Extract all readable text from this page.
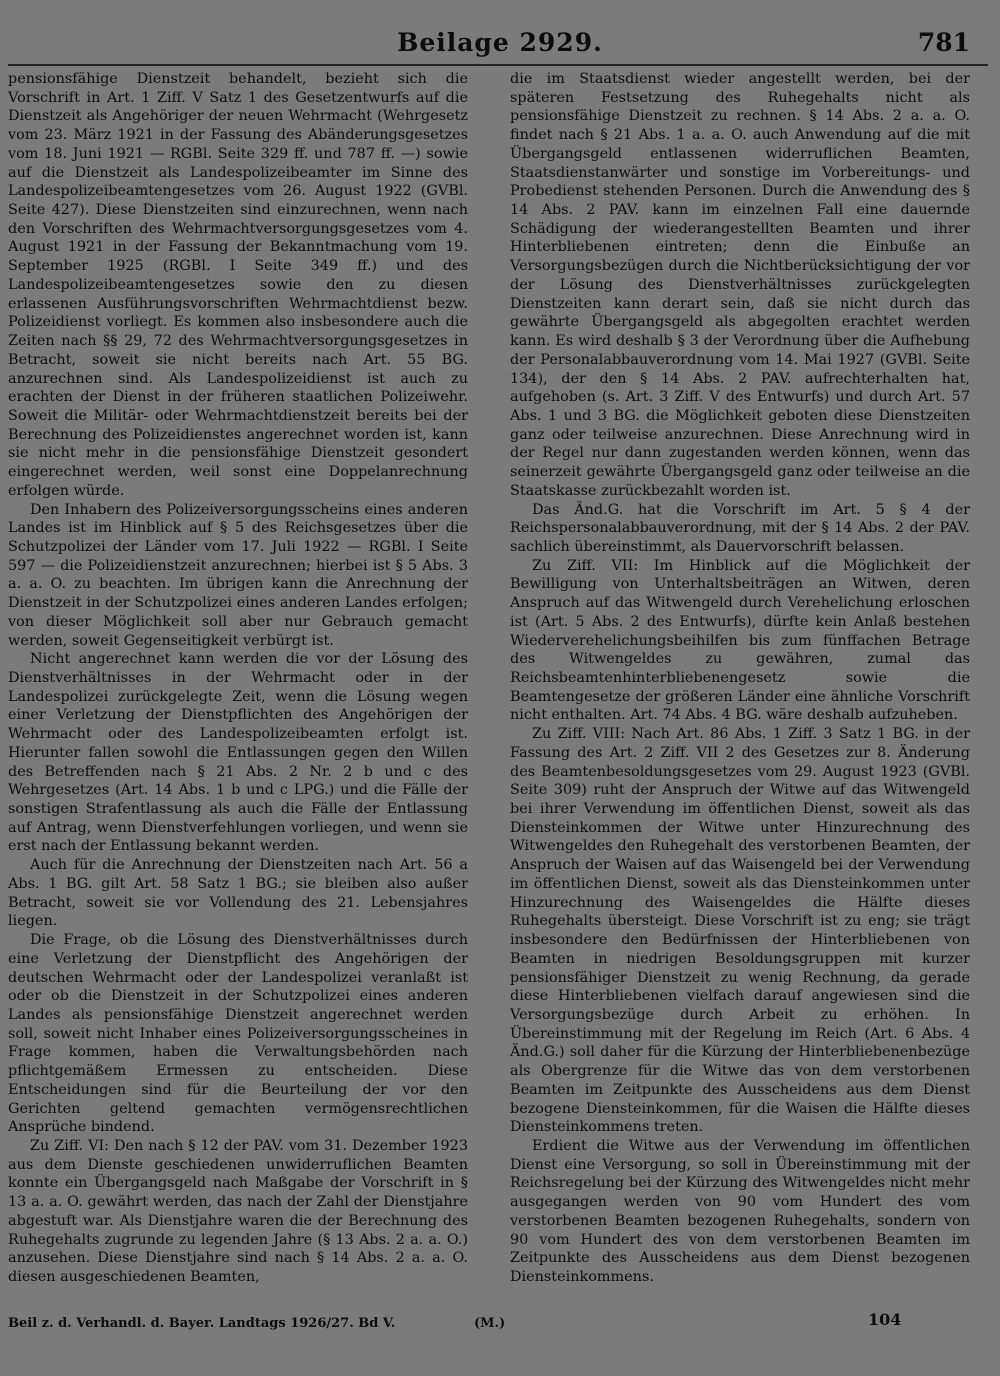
Beilage 2929.	781

pensionsfähige Dienstzeit behandelt, bezieht sich die Vorschrift in Art. 1 Ziff. V Satz 1 des Gesetzentwurfs auf die Dienstzeit als Angehöriger der neuen Wehrmacht (Wehrgesetz vom 23. März 1921 in der Fassung des Abänderungsgesetzes vom 18. Juni 1921 — RGBl. Seite 329 ff. und 787 ff. —) sowie auf die Dienstzeit als Landespolizeibeamter im Sinne des Landespolizeibeamtengesetzes vom 26. August 1922 (GVBl. Seite 427). Diese Dienstzeiten sind einzurechnen, wenn nach den Vorschriften des Wehrmachtversorgungsgesetzes vom 4. August 1921 in der Fassung der Bekanntmachung vom 19. September 1925 (RGBl. I Seite 349 ff.) und des Landespolizeibeamtengesetzes sowie den zu diesen erlassenen Ausführungsvorschriften Wehrmachtdienst bezw. Polizeidienst vorliegt. Es kommen also insbesondere auch die Zeiten nach §§ 29, 72 des Wehrmachtversorgungsgesetzes in Betracht, soweit sie nicht bereits nach Art. 55 BG. anzurechnen sind. Als Landespolizeidienst ist auch zu erachten der Dienst in der früheren staatlichen Polizeiwehr. Soweit die Militär- oder Wehrmachtdienstzeit bereits bei der Berechnung des Polizeidienstes angerechnet worden ist, kann sie nicht mehr in die pensionsfähige Dienstzeit gesondert eingerechnet werden, weil sonst eine Doppelanrechnung erfolgen würde.

Den Inhabern des Polizeiversorgungsscheins eines anderen Landes ist im Hinblick auf § 5 des Reichsgesetzes über die Schutzpolizei der Länder vom 17. Juli 1922 — RGBl. I Seite 597 — die Polizeidienstzeit anzurechnen; hierbei ist § 5 Abs. 3 a. a. O. zu beachten. Im übrigen kann die Anrechnung der Dienstzeit in der Schutzpolizei eines anderen Landes erfolgen; von dieser Möglichkeit soll aber nur Gebrauch gemacht werden, soweit Gegenseitigkeit verbürgt ist.

Nicht angerechnet kann werden die vor der Lösung des Dienstverhältnisses in der Wehrmacht oder in der Landespolizei zurückgelegte Zeit, wenn die Lösung wegen einer Verletzung der Dienstpflichten des Angehörigen der Wehrmacht oder des Landespolizeibeamten erfolgt ist. Hierunter fallen sowohl die Entlassungen gegen den Willen des Betreffenden nach § 21 Abs. 2 Nr. 2 b und c des Wehrgesetzes (Art. 14 Abs. 1 b und c LPG.) und die Fälle der sonstigen Strafentlassung als auch die Fälle der Entlassung auf Antrag, wenn Dienstverfehlungen vorliegen, und wenn sie erst nach der Entlassung bekannt werden.

Auch für die Anrechnung der Dienstzeiten nach Art. 56 a Abs. 1 BG. gilt Art. 58 Satz 1 BG.; sie bleiben also außer Betracht, soweit sie vor Vollendung des 21. Lebensjahres liegen.

Die Frage, ob die Lösung des Dienstverhältnisses durch eine Verletzung der Dienstpflicht des Angehörigen der deutschen Wehrmacht oder der Landespolizei veranlaßt ist oder ob die Dienstzeit in der Schutzpolizei eines anderen Landes als pensionsfähige Dienstzeit angerechnet werden soll, soweit nicht Inhaber eines Polizeiversorgungsscheines in Frage kommen, haben die Verwaltungsbehörden nach pflichtgemäßem Ermessen zu entscheiden. Diese Entscheidungen sind für die Beurteilung der vor den Gerichten geltend gemachten vermögensrechtlichen Ansprüche bindend.

Zu Ziff. VI: Den nach § 12 der PAV. vom 31. Dezember 1923 aus dem Dienste geschiedenen unwiderruflichen Beamten konnte ein Übergangsgeld nach Maßgabe der Vorschrift in § 13 a. a. O. gewährt werden, das nach der Zahl der Dienstjahre abgestuft war. Als Dienstjahre waren die der Berechnung des Ruhegehalts zugrunde zu legenden Jahre (§ 13 Abs. 2 a. a. O.) anzusehen. Diese Dienstjahre sind nach § 14 Abs. 2 a. a. O. diesen ausgeschiedenen Beamten,

die im Staatsdienst wieder angestellt werden, bei der späteren Festsetzung des Ruhegehalts nicht als pensionsfähige Dienstzeit zu rechnen. § 14 Abs. 2 a. a. O. findet nach § 21 Abs. 1 a. a. O. auch Anwendung auf die mit Übergangsgeld entlassenen widerruflichen Beamten, Staatsdienstanwärter und sonstige im Vorbereitungs- und Probedienst stehenden Personen. Durch die Anwendung des § 14 Abs. 2 PAV. kann im einzelnen Fall eine dauernde Schädigung der wiederangestellten Beamten und ihrer Hinterbliebenen eintreten; denn die Einbuße an Versorgungsbezügen durch die Nichtberücksichtigung der vor der Lösung des Dienstverhältnisses zurückgelegten Dienstzeiten kann derart sein, daß sie nicht durch das gewährte Übergangsgeld als abgegolten erachtet werden kann. Es wird deshalb § 3 der Verordnung über die Aufhebung der Personalabbauverordnung vom 14. Mai 1927 (GVBl. Seite 134), der den § 14 Abs. 2 PAV. aufrechterhalten hat, aufgehoben (s. Art. 3 Ziff. V des Entwurfs) und durch Art. 57 Abs. 1 und 3 BG. die Möglichkeit geboten diese Dienstzeiten ganz oder teilweise anzurechnen. Diese Anrechnung wird in der Regel nur dann zugestanden werden können, wenn das seinerzeit gewährte Übergangsgeld ganz oder teilweise an die Staatskasse zurückbezahlt worden ist.

Das Änd.G. hat die Vorschrift im Art. 5 § 4 der Reichspersonalabbauverordnung, mit der § 14 Abs. 2 der PAV. sachlich übereinstimmt, als Dauervorschrift belassen.

Zu Ziff. VII: Im Hinblick auf die Möglichkeit der Bewilligung von Unterhaltsbeiträgen an Witwen, deren Anspruch auf das Witwengeld durch Verehelichung erloschen ist (Art. 5 Abs. 2 des Entwurfs), dürfte kein Anlaß bestehen Wiederverehelichungsbeihilfen bis zum fünffachen Betrage des Witwengeldes zu gewähren, zumal das Reichsbeamtenhinterbliebenengesetz sowie die Beamtengesetze der größeren Länder eine ähnliche Vorschrift nicht enthalten. Art. 74 Abs. 4 BG. wäre deshalb aufzuheben.

Zu Ziff. VIII: Nach Art. 86 Abs. 1 Ziff. 3 Satz 1 BG. in der Fassung des Art. 2 Ziff. VII 2 des Gesetzes zur 8. Änderung des Beamtenbesoldungsgesetzes vom 29. August 1923 (GVBl. Seite 309) ruht der Anspruch der Witwe auf das Witwengeld bei ihrer Verwendung im öffentlichen Dienst, soweit als das Diensteinkommen der Witwe unter Hinzurechnung des Witwengeldes den Ruhegehalt des verstorbenen Beamten, der Anspruch der Waisen auf das Waisengeld bei der Verwendung im öffentlichen Dienst, soweit als das Diensteinkommen unter Hinzurechnung des Waisengeldes die Hälfte dieses Ruhegehalts übersteigt. Diese Vorschrift ist zu eng; sie trägt insbesondere den Bedürfnissen der Hinterbliebenen von Beamten in niedrigen Besoldungsgruppen mit kurzer pensionsfähiger Dienstzeit zu wenig Rechnung, da gerade diese Hinterbliebenen vielfach darauf angewiesen sind die Versorgungsbezüge durch Arbeit zu erhöhen. In Übereinstimmung mit der Regelung im Reich (Art. 6 Abs. 4 Änd.G.) soll daher für die Kürzung der Hinterbliebenenbezüge als Obergrenze für die Witwe das von dem verstorbenen Beamten im Zeitpunkte des Ausscheidens aus dem Dienst bezogene Diensteinkommen, für die Waisen die Hälfte dieses Diensteinkommens treten.

Erdient die Witwe aus der Verwendung im öffentlichen Dienst eine Versorgung, so soll in Übereinstimmung mit der Reichsregelung bei der Kürzung des Witwengeldes nicht mehr ausgegangen werden von 90 vom Hundert des vom verstorbenen Beamten bezogenen Ruhegehalts, sondern von 90 vom Hundert des von dem verstorbenen Beamten im Zeitpunkte des Ausscheidens aus dem Dienst bezogenen Diensteinkommens.

Beil z. d. Verhandl. d. Bayer. Landtags 1926/27. Bd V.	(M.)	104
